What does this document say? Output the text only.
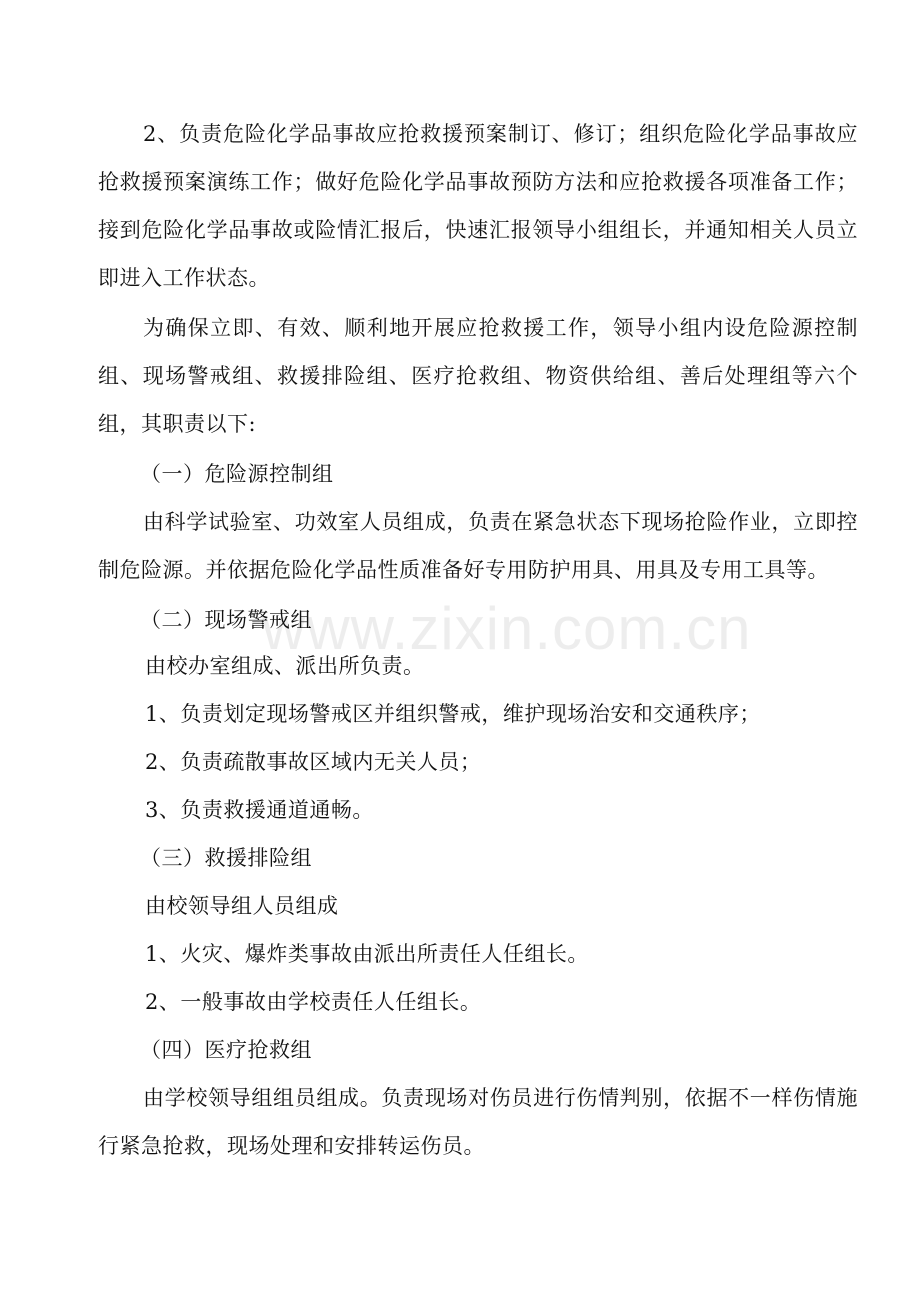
2、负责危险化学品事故应抢救援预案制订、修订；组织危险化学品事故应抢救援预案演练工作；做好危险化学品事故预防方法和应抢救援各项准备工作；接到危险化学品事故或险情汇报后，快速汇报领导小组组长，并通知相关人员立即进入工作状态。

为确保立即、有效、顺利地开展应抢救援工作，领导小组内设危险源控制组、现场警戒组、救援排险组、医疗抢救组、物资供给组、善后处理组等六个组，其职责以下:

（一）危险源控制组

由科学试验室、功效室人员组成，负责在紧急状态下现场抢险作业，立即控制危险源。并依据危险化学品性质准备好专用防护用具、用具及专用工具等。

（二）现场警戒组

由校办室组成、派出所负责。

1、负责划定现场警戒区并组织警戒，维护现场治安和交通秩序；

2、负责疏散事故区域内无关人员；

3、负责救援通道通畅。

（三）救援排险组

由校领导组人员组成

1、火灾、爆炸类事故由派出所责任人任组长。

2、一般事故由学校责任人任组长。

（四）医疗抢救组

由学校领导组组员组成。负责现场对伤员进行伤情判别，依据不一样伤情施行紧急抢救，现场处理和安排转运伤员。

www.zixin.com.cn
